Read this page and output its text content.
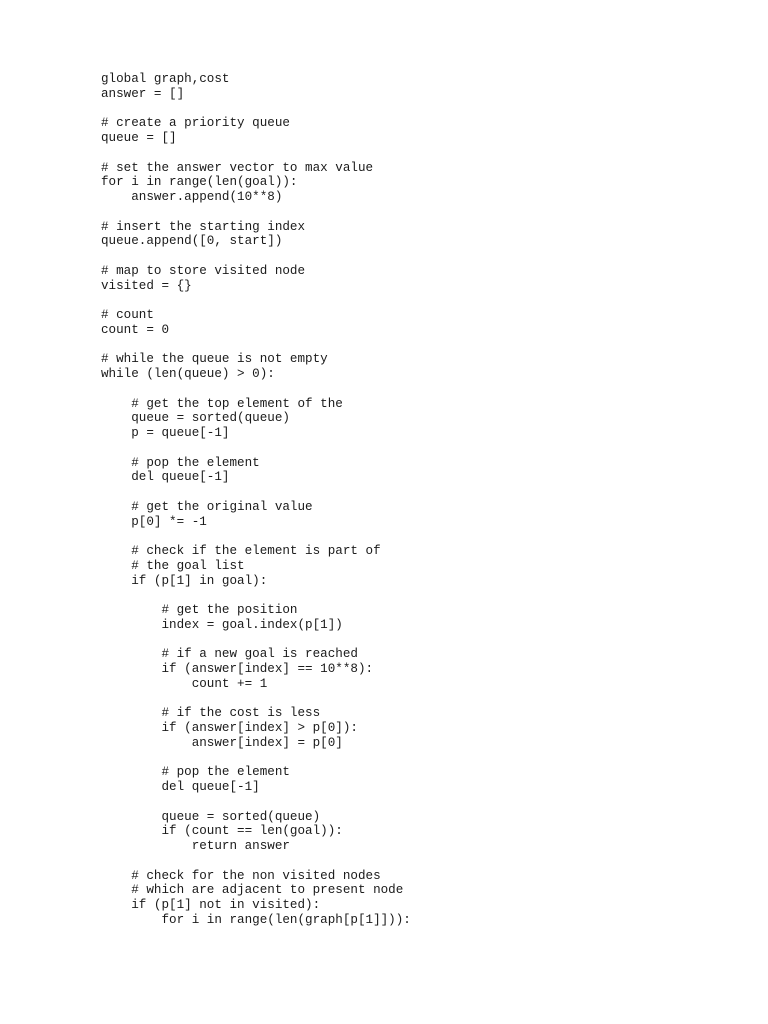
global graph,cost
answer = []
# create a priority queue
queue = []
# set the answer vector to max value
for i in range(len(goal)):
answer.append(10**8)
# insert the starting index
queue.append([0, start])
# map to store visited node
visited = {}
# count
count = 0
# while the queue is not empty
while (len(queue) > 0):
# get the top element of the
queue = sorted(queue)
p = queue[-1]
# pop the element
del queue[-1]
# get the original value
p[0] *= -1
# check if the element is part of
# the goal list
if (p[1] in goal):
# get the position
index = goal.index(p[1])
# if a new goal is reached
if (answer[index] == 10**8):
count += 1
# if the cost is less
if (answer[index] > p[0]):
answer[index] = p[0]
# pop the element
del queue[-1]
queue = sorted(queue)
if (count == len(goal)):
return answer
# check for the non visited nodes
# which are adjacent to present node
if (p[1] not in visited):
for i in range(len(graph[p[1]])):
